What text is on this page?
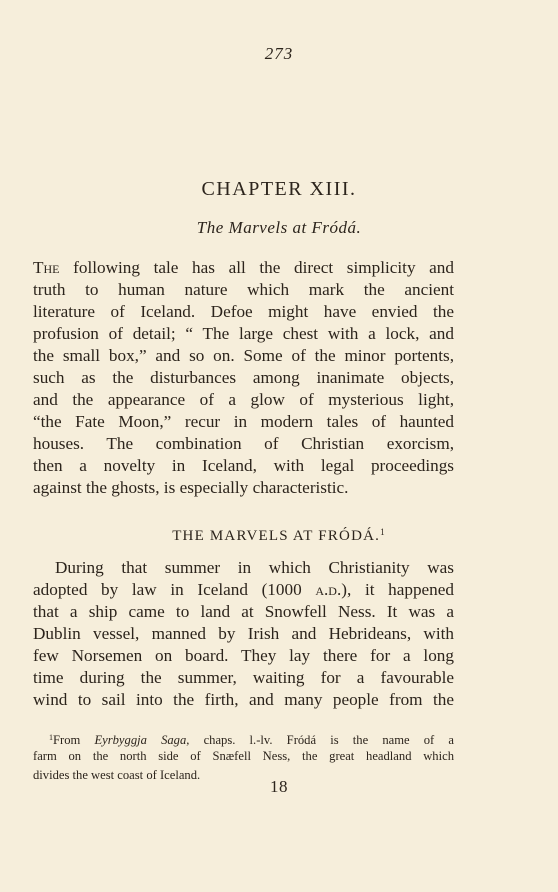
273
CHAPTER XIII.
The Marvels at Fródá.
The following tale has all the direct simplicity and
truth to human nature which mark the ancient
literature of Iceland. Defoe might have envied the
profusion of detail; “ The large chest with a lock, and
the small box,” and so on. Some of the minor portents,
such as the disturbances among inanimate objects,
and the appearance of a glow of mysterious light,
“the Fate Moon,” recur in modern tales of haunted
houses. The combination of Christian exorcism,
then a novelty in Iceland, with legal proceedings
against the ghosts, is especially characteristic.
THE MARVELS AT FRÓDÁ.$^1$
During that summer in which Christianity was
adopted by law in Iceland (1000 a.d.), it happened
that a ship came to land at Snowfell Ness. It was a
Dublin vessel, manned by Irish and Hebrideans, with
few Norsemen on board. They lay there for a long
time during the summer, waiting for a favourable
wind to sail into the firth, and many people from the
$^1$From Eyrbyggja Saga, chaps. l.-lv. Fródá is the name of a
farm on the north side of Snæfell Ness, the great headland which
divides the west coast of Iceland.
18
